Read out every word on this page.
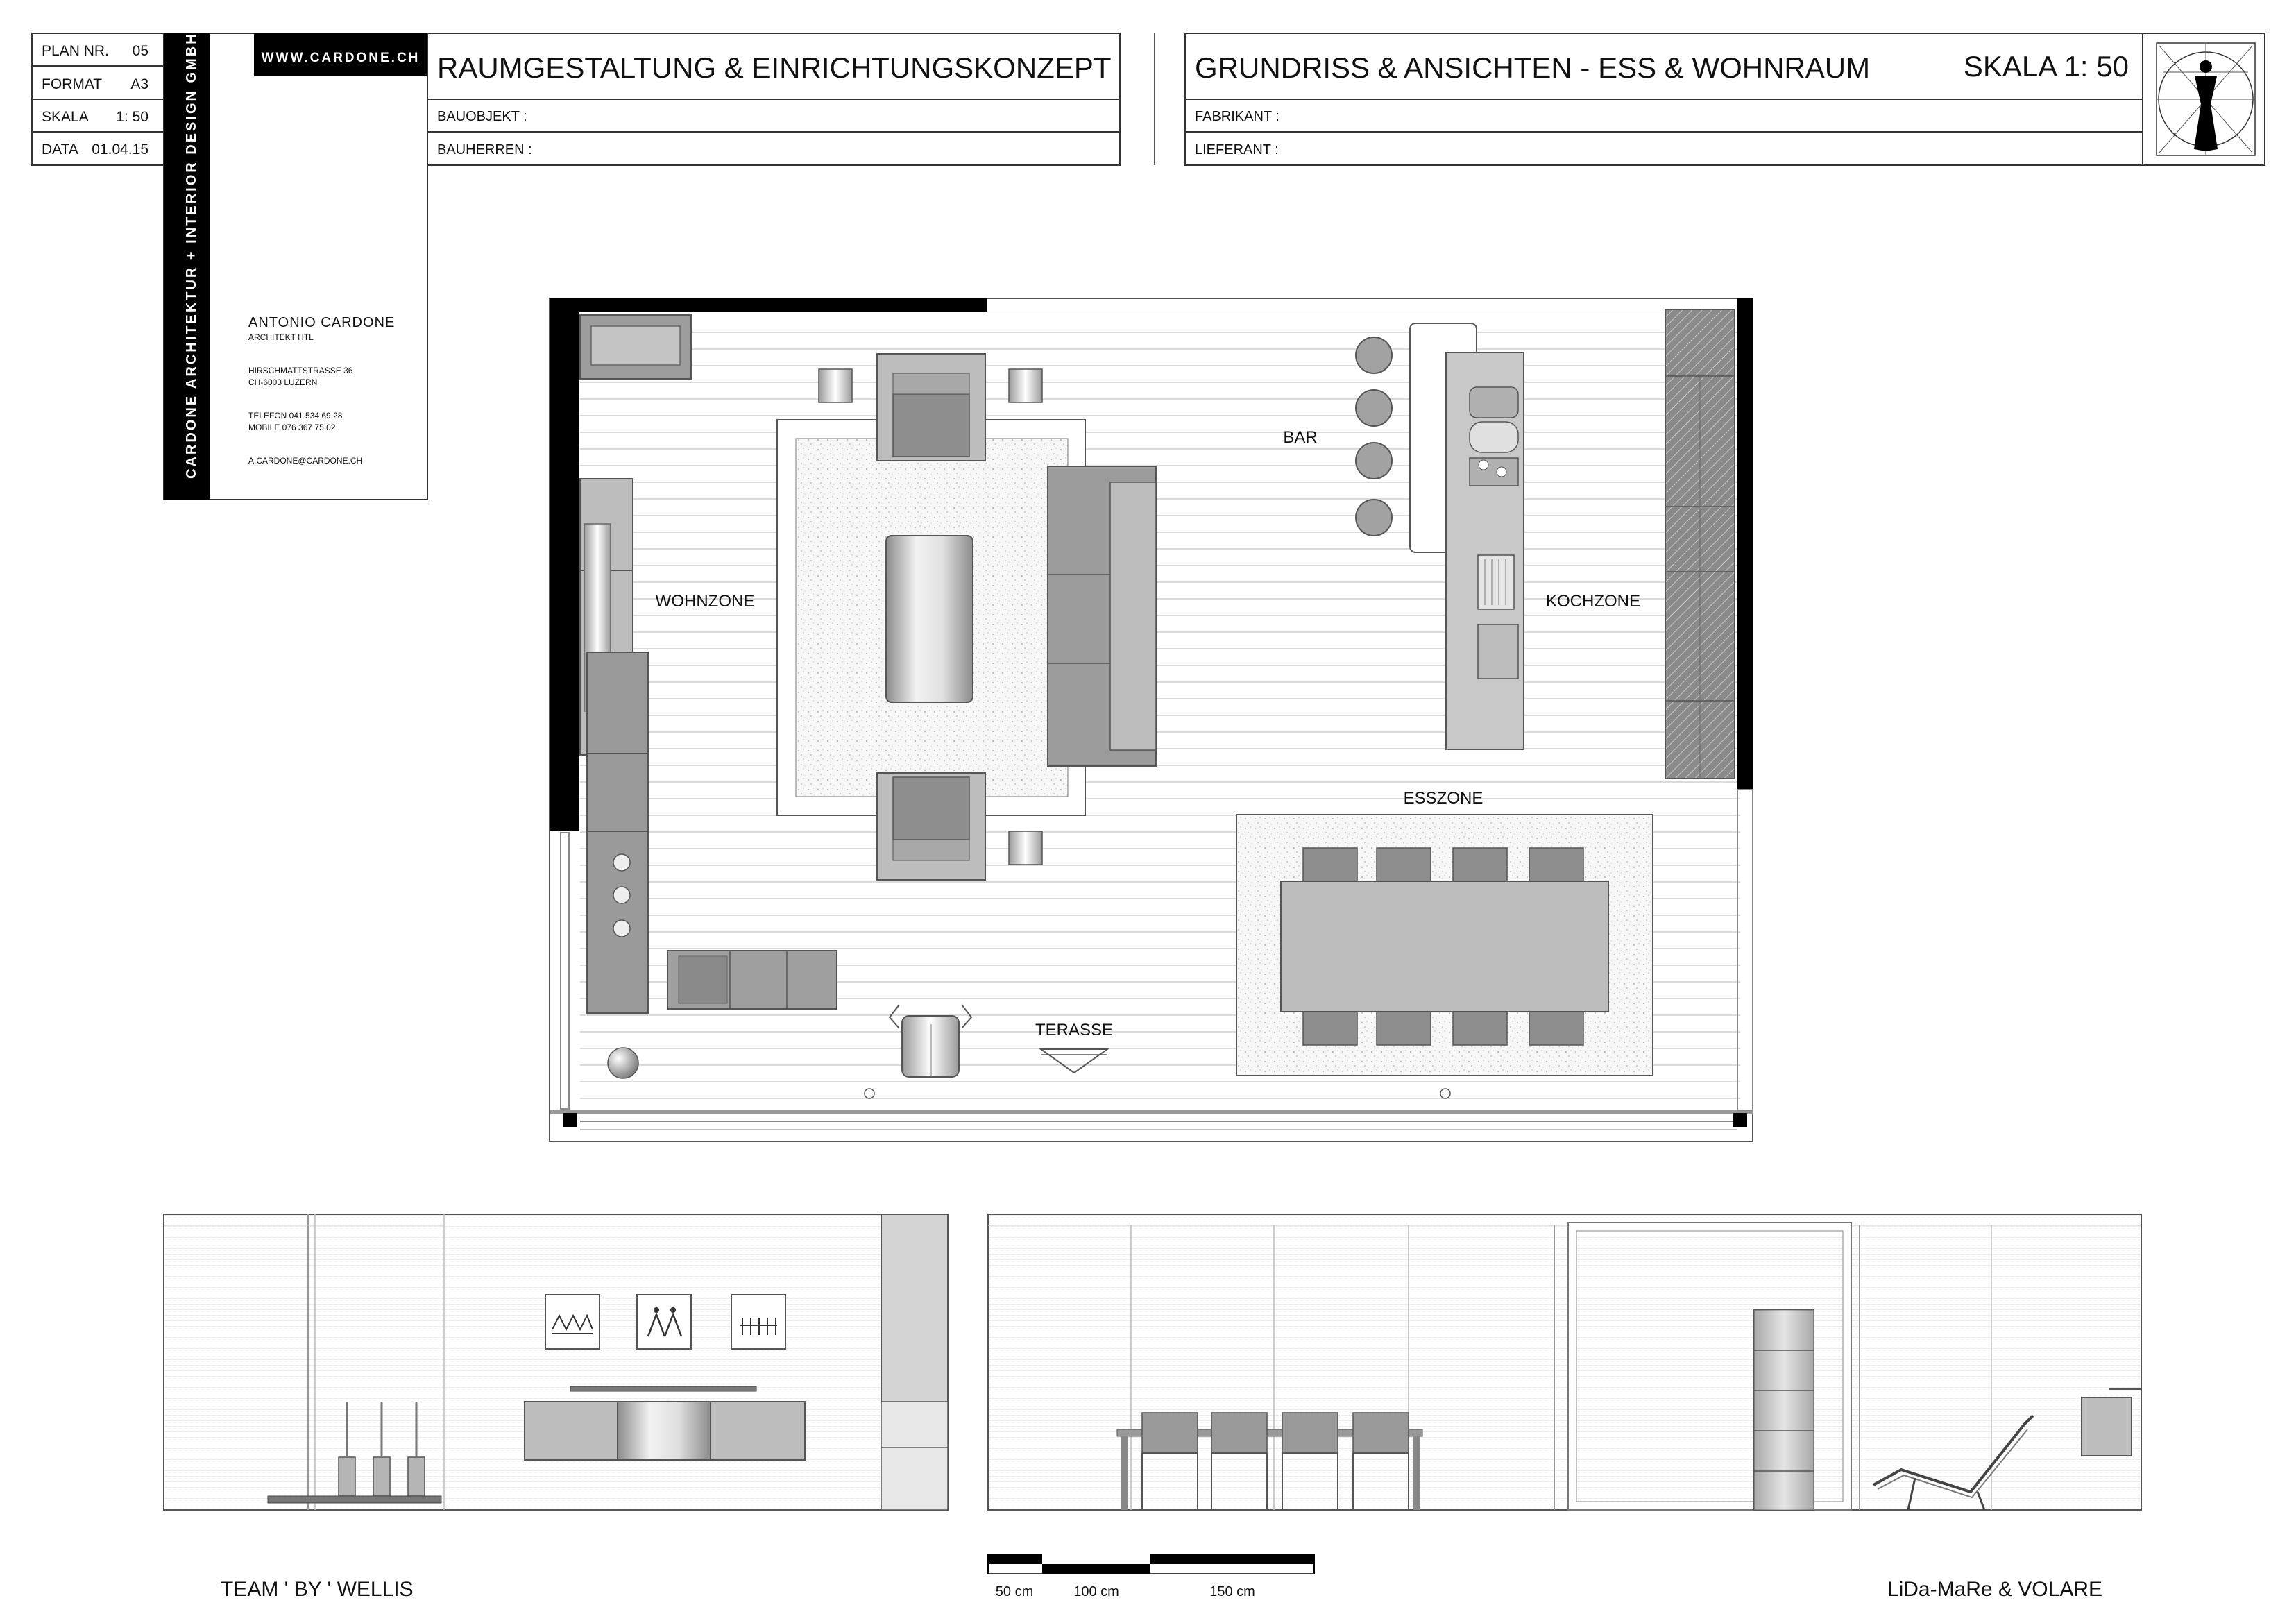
PLAN NR. 05
FORMAT A3
SKALA 1: 50
DATA 01.04.15	CARDONE ARCHITEKTUR + INTERIOR DESIGN GMBH	WWW.CARDONE.CH
ANTONIO CARDONE
ARCHITEKT HTL
HIRSCHMATTSTRASSE 36
CH-6003 LUZERN
TELEFON 041 534 69 28
MOBILE 076 367 75 02
A.CARDONE@CARDONE.CH
RAUMGESTALTUNG & EINRICHTUNGSKONZEPT
BAUOBJEKT :
BAUHERREN :
GRUNDRISS & ANSICHTEN - ESS & WOHNRAUM	SKALA 1: 50
FABRIKANT :
LIEFERANT :
BAR
WOHNZONE	KOCHZONE
ESSZONE
TERASSE
50 cm	100 cm	150 cm
TEAM ' BY ' WELLIS	LiDa-MaRe & VOLARE
